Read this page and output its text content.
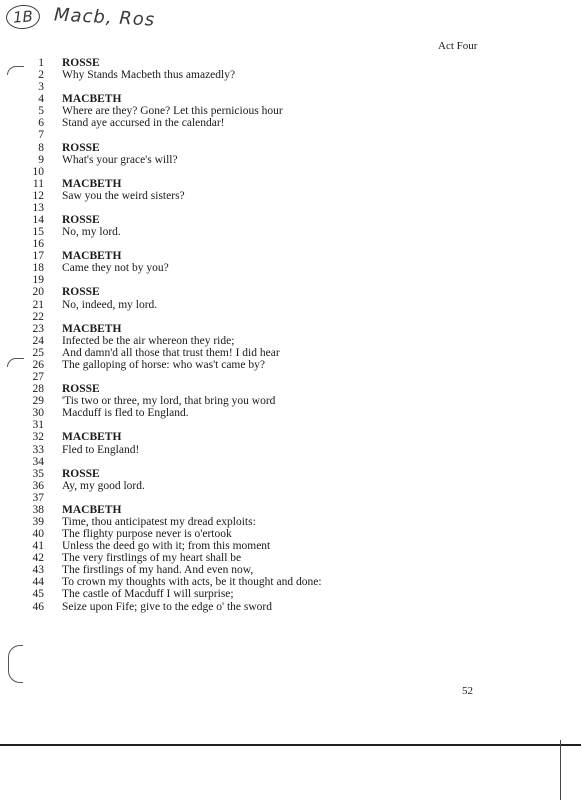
1B	Macb, Ros
Act Four
1 ROSSE
2 Why Stands Macbeth thus amazedly?
3
4 MACBETH
5 Where are they? Gone? Let this pernicious hour
6 Stand aye accursed in the calendar!
7
8 ROSSE
9 What's your grace's will?
10
11 MACBETH
12 Saw you the weird sisters?
13
14 ROSSE
15 No, my lord.
16
17 MACBETH
18 Came they not by you?
19
20 ROSSE
21 No, indeed, my lord.
22
23 MACBETH
24 Infected be the air whereon they ride;
25 And damn'd all those that trust them! I did hear
26 The galloping of horse: who was't came by?
27
28 ROSSE
29 'Tis two or three, my lord, that bring you word
30 Macduff is fled to England.
31
32 MACBETH
33 Fled to England!
34
35 ROSSE
36 Ay, my good lord.
37
38 MACBETH
39 Time, thou anticipatest my dread exploits:
40 The flighty purpose never is o'ertook
41 Unless the deed go with it; from this moment
42 The very firstlings of my heart shall be
43 The firstlings of my hand. And even now,
44 To crown my thoughts with acts, be it thought and done:
45 The castle of Macduff I will surprise;
46 Seize upon Fife; give to the edge o' the sword
52
